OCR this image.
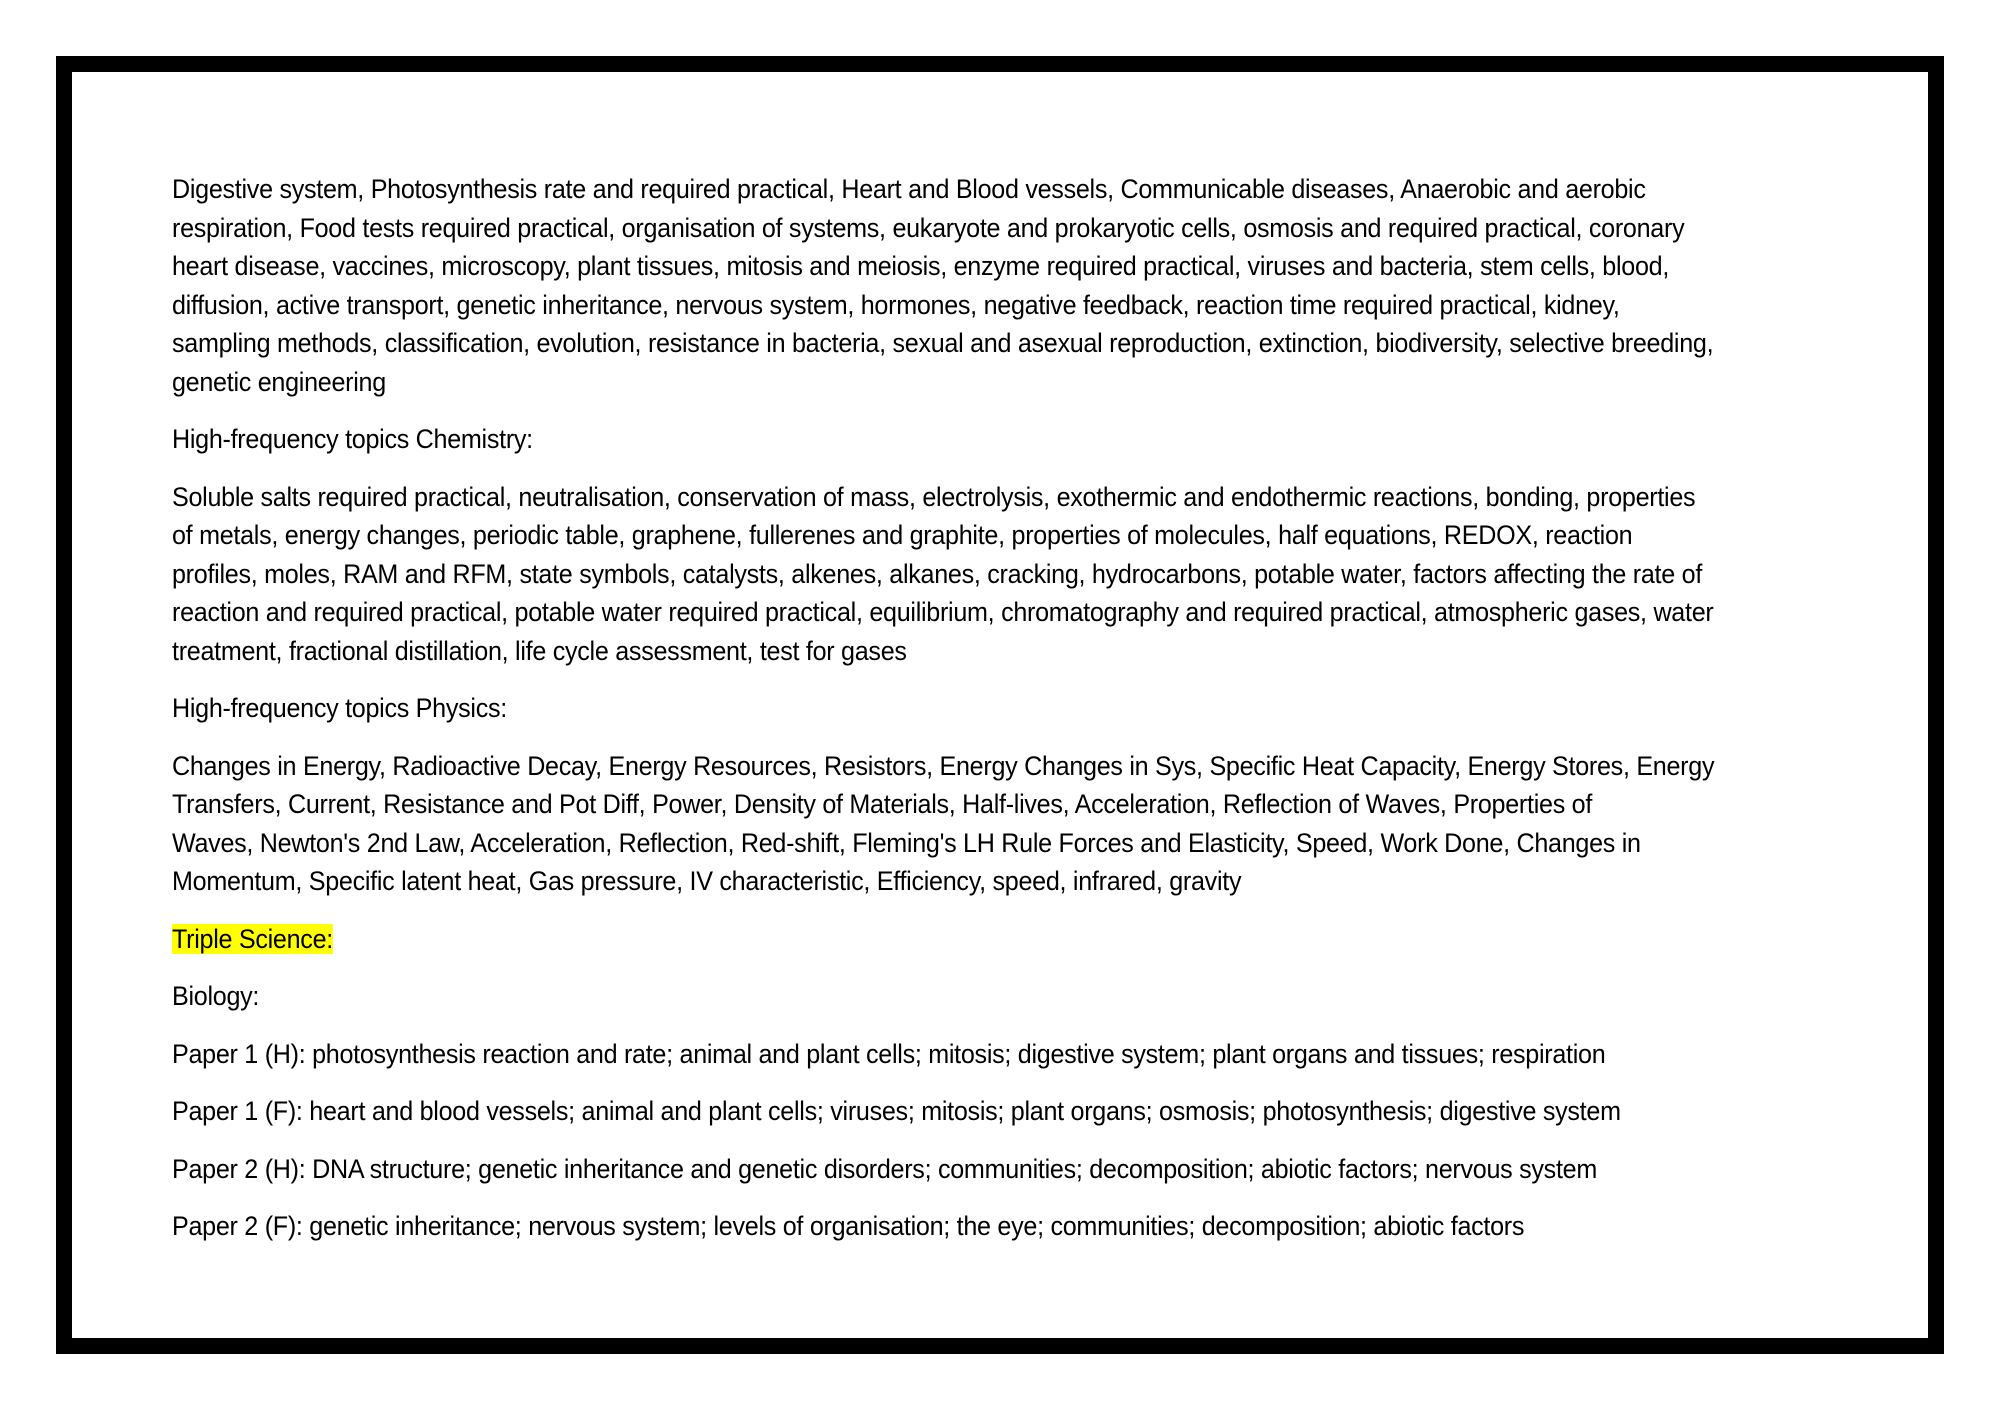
Digestive system, Photosynthesis rate and required practical, Heart and Blood vessels, Communicable diseases, Anaerobic and aerobic respiration, Food tests required practical, organisation of systems, eukaryote and prokaryotic cells, osmosis and required practical, coronary heart disease, vaccines, microscopy, plant tissues, mitosis and meiosis, enzyme required practical, viruses and bacteria, stem cells, blood, diffusion, active transport, genetic inheritance, nervous system, hormones, negative feedback, reaction time required practical, kidney, sampling methods, classification, evolution, resistance in bacteria, sexual and asexual reproduction, extinction, biodiversity, selective breeding, genetic engineering

High-frequency topics Chemistry:

Soluble salts required practical, neutralisation, conservation of mass, electrolysis, exothermic and endothermic reactions, bonding, properties of metals, energy changes, periodic table, graphene, fullerenes and graphite, properties of molecules, half equations, REDOX, reaction profiles, moles, RAM and RFM, state symbols, catalysts, alkenes, alkanes, cracking, hydrocarbons, potable water, factors affecting the rate of reaction and required practical, potable water required practical, equilibrium, chromatography and required practical, atmospheric gases, water treatment, fractional distillation, life cycle assessment, test for gases

High-frequency topics Physics:

Changes in Energy, Radioactive Decay, Energy Resources, Resistors, Energy Changes in Sys, Specific Heat Capacity, Energy Stores, Energy Transfers, Current, Resistance and Pot Diff, Power, Density of Materials, Half-lives, Acceleration, Reflection of Waves, Properties of
Waves, Newton's 2nd Law, Acceleration, Reflection, Red-shift, Fleming's LH Rule Forces and Elasticity, Speed, Work Done, Changes in Momentum, Specific latent heat, Gas pressure, IV characteristic, Efficiency, speed, infrared, gravity

Triple Science:

Biology:

Paper 1 (H): photosynthesis reaction and rate; animal and plant cells; mitosis; digestive system; plant organs and tissues; respiration

Paper 1 (F): heart and blood vessels; animal and plant cells; viruses; mitosis; plant organs; osmosis; photosynthesis; digestive system

Paper 2 (H): DNA structure; genetic inheritance and genetic disorders; communities; decomposition; abiotic factors; nervous system

Paper 2 (F): genetic inheritance; nervous system; levels of organisation; the eye; communities; decomposition; abiotic factors
